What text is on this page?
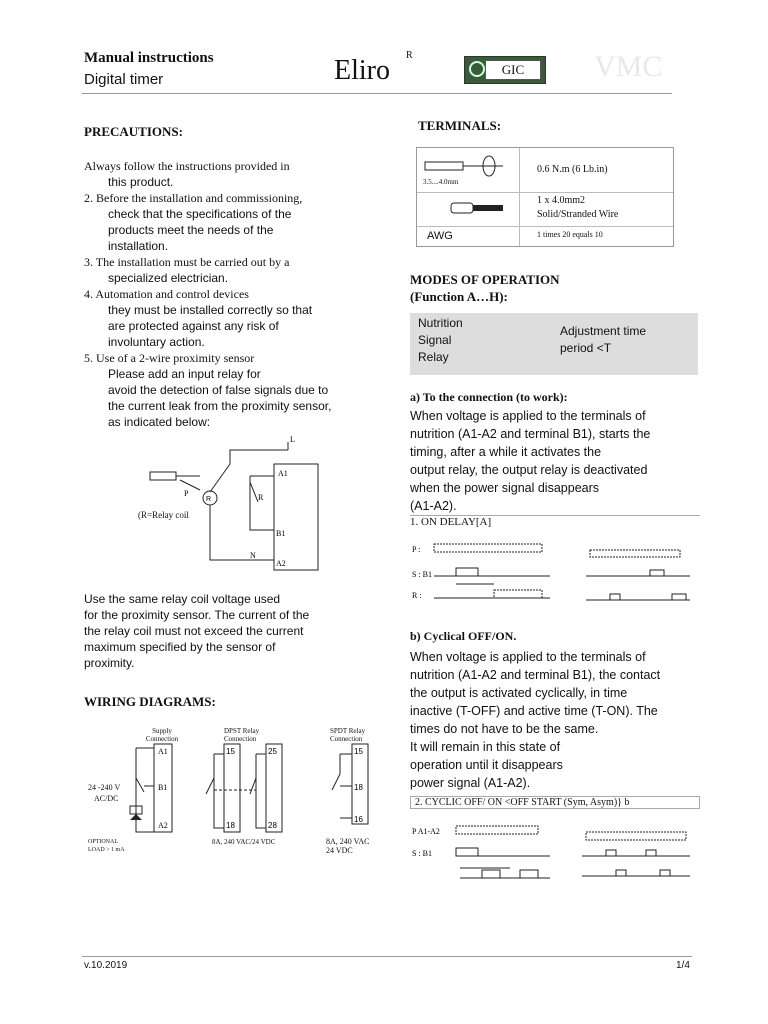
Manual instructions
Digital timer	Eliro R
GIC	VMC
PRECAUTIONS:
Always follow the instructions provided in
this product.
2. Before the installation and commissioning,
check that the specifications of the
products meet the needs of the
installation.
3. The installation must be carried out by a
specialized electrician.
4. Automation and control devices
they must be installed correctly so that
are protected against any risk of
involuntary action.
5. Use of a 2-wire proximity sensor
Please add an input relay for
avoid the detection of false signals due to
the current leak from the proximity sensor,
as indicated below:
A1
B1
A2
N
R
P
R
L
(R=Relay coil
Use the same relay coil voltage used
for the proximity sensor. The current of the
the relay coil must not exceed the current
maximum specified by the sensor of
proximity.
WIRING DIAGRAMS:
A1
B1
A2
15
18
25
28
15
18
16
Supply Connection
DPST Relay Connection
SPDT Relay Connection
24 -240 V
AC/DC
OPTIONAL
LOAD > 1 mA
8A, 240 VAC/24 VDC	8A, 240 VAC
24 VDC
TERMINALS:
3.5....4.0mm
0.6 N.m (6 Lb.in)
1 x 4.0mm2
Solid/Stranded Wire
AWG	1 times 20 equals 10
MODES OF OPERATION
(Function A…H):
Nutrition
Signal
Relay
Adjustment time
period <T
a) To the connection (to work):
When voltage is applied to the terminals of
nutrition (A1-A2 and terminal B1), starts the
timing, after a while it activates the
output relay, the output relay is deactivated
when the power signal disappears
(A1-A2).
1. ON DELAY[A]
P :
S : B1
R :
b) Cyclical OFF/ON.
When voltage is applied to the terminals of
nutrition (A1-A2 and terminal B1), the contact
the output is activated cyclically, in time
inactive (T-OFF) and active time (T-ON). The
times do not have to be the same.
It will remain in this state of
operation until it disappears
power signal (A1-A2).
2. CYCLIC OFF/ ON <OFF START (Sym, Asym)} b
P A1-A2
S : B1
v.10.2019	1/4
